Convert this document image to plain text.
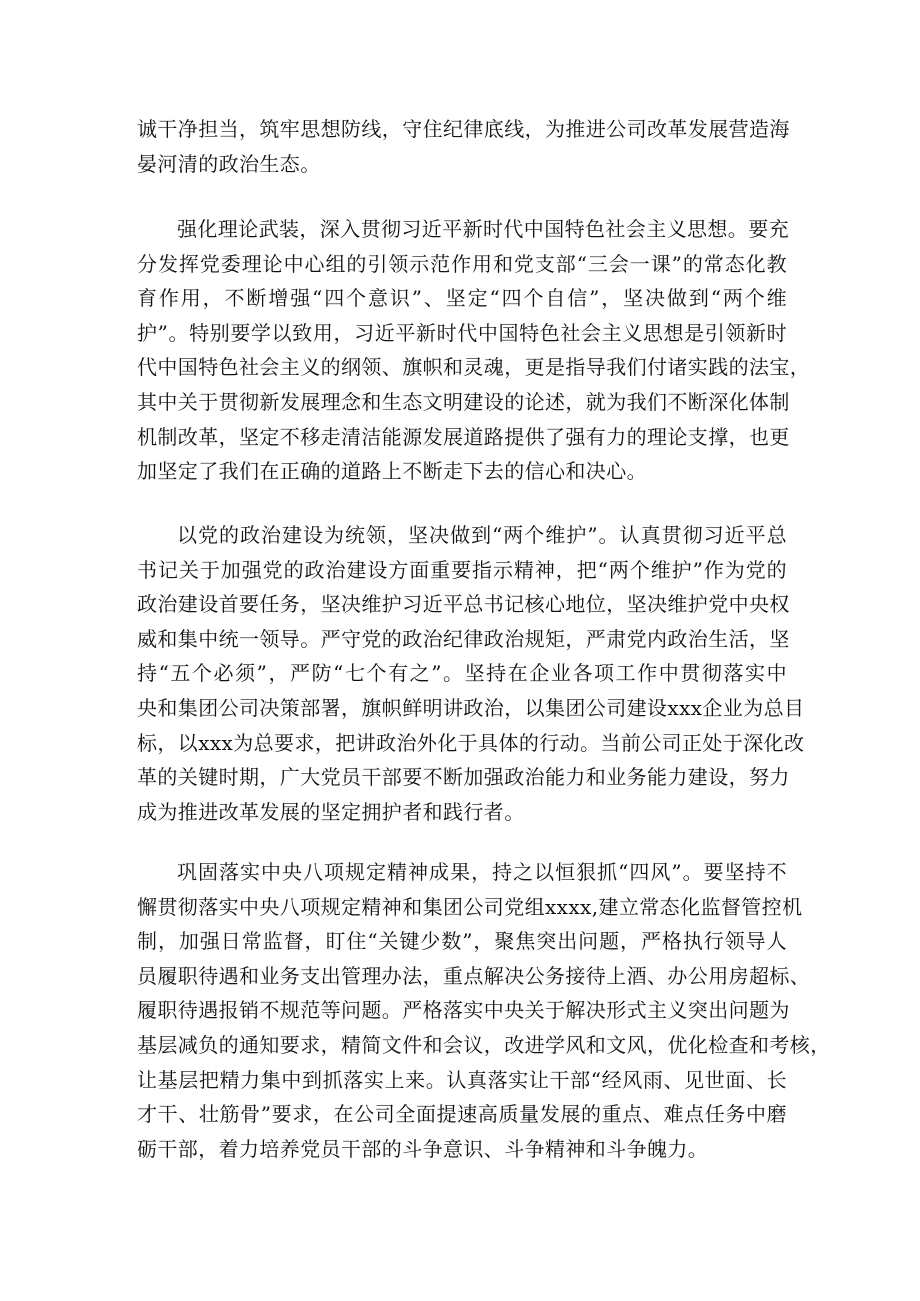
诚干净担当，筑牢思想防线，守住纪律底线，为推进公司改革发展营造海
晏河清的政治生态。
强化理论武装，深入贯彻习近平新时代中国特色社会主义思想。要充
分发挥党委理论中心组的引领示范作用和党支部“三会一课”的常态化教
育作用，不断增强“四个意识”、坚定“四个自信”，坚决做到“两个维
护”。特别要学以致用，习近平新时代中国特色社会主义思想是引领新时
代中国特色社会主义的纲领、旗帜和灵魂，更是指导我们付诸实践的法宝，
其中关于贯彻新发展理念和生态文明建设的论述，就为我们不断深化体制
机制改革，坚定不移走清洁能源发展道路提供了强有力的理论支撑，也更
加坚定了我们在正确的道路上不断走下去的信心和决心。
以党的政治建设为统领，坚决做到“两个维护”。认真贯彻习近平总
书记关于加强党的政治建设方面重要指示精神，把“两个维护”作为党的
政治建设首要任务，坚决维护习近平总书记核心地位，坚决维护党中央权
威和集中统一领导。严守党的政治纪律政治规矩，严肃党内政治生活，坚
持“五个必须”，严防“七个有之”。坚持在企业各项工作中贯彻落实中
央和集团公司决策部署，旗帜鲜明讲政治，以集团公司建设xxx企业为总目
标，以xxx为总要求，把讲政治外化于具体的行动。当前公司正处于深化改
革的关键时期，广大党员干部要不断加强政治能力和业务能力建设，努力
成为推进改革发展的坚定拥护者和践行者。
巩固落实中央八项规定精神成果，持之以恒狠抓“四风”。要坚持不
懈贯彻落实中央八项规定精神和集团公司党组xxxx,建立常态化监督管控机
制，加强日常监督，盯住“关键少数”，聚焦突出问题，严格执行领导人
员履职待遇和业务支出管理办法，重点解决公务接待上酒、办公用房超标、
履职待遇报销不规范等问题。严格落实中央关于解决形式主义突出问题为
基层减负的通知要求，精简文件和会议，改进学风和文风，优化检查和考核，
让基层把精力集中到抓落实上来。认真落实让干部“经风雨、见世面、长
才干、壮筋骨”要求，在公司全面提速高质量发展的重点、难点任务中磨
砺干部，着力培养党员干部的斗争意识、斗争精神和斗争魄力。
